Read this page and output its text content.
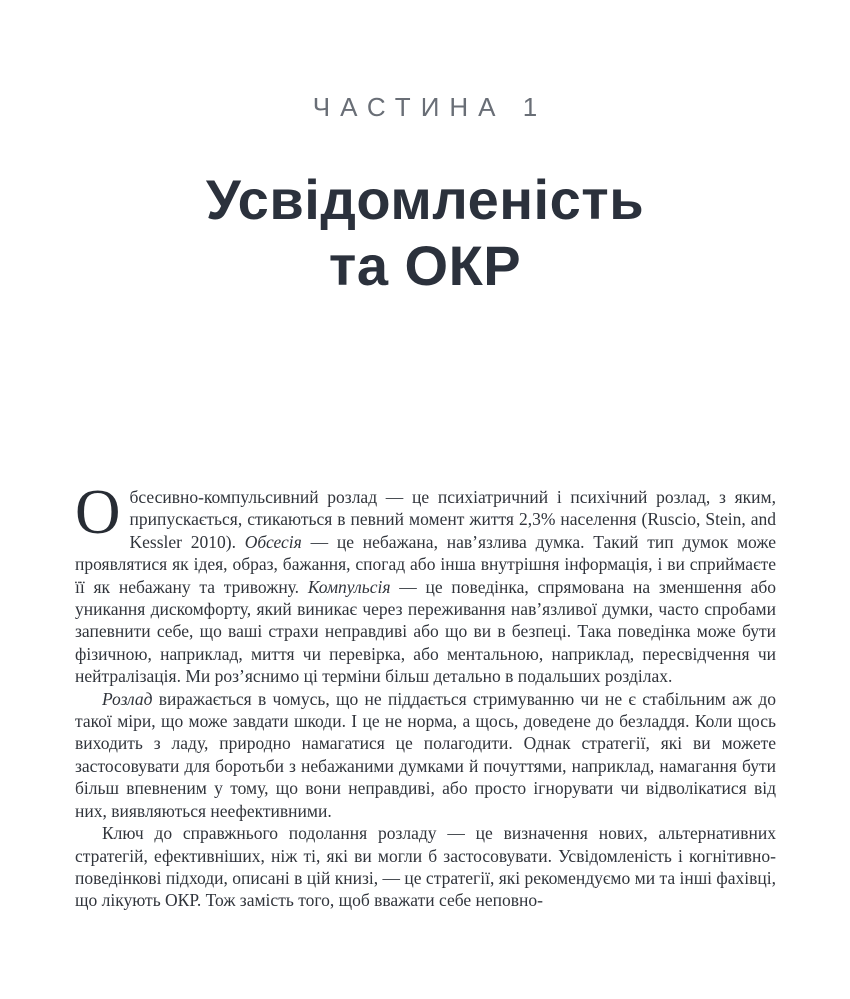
ЧАСТИНА 1
Усвідомленість
та ОКР

Обсесивно-компульсивний розлад — це психіатричний і психічний розлад, з яким, припускається, стикаються в певний момент життя 2,3% населення (Ruscio, Stein, and Kessler 2010). Обсесія — це небажана, нав’язлива думка. Такий тип думок може проявлятися як ідея, образ, бажання, спогад або інша внутрішня інформація, і ви сприймаєте її як небажану та тривожну. Компульсія — це поведінка, спрямована на зменшення або уникання дискомфорту, який виникає через переживання нав’язливої думки, часто спробами запевнити себе, що ваші страхи неправдиві або що ви в безпеці. Така поведінка може бути фізичною, наприклад, миття чи перевірка, або ментальною, наприклад, пересвідчення чи нейтралізація. Ми роз’яснимо ці терміни більш детально в подальших розділах.

Розлад виражається в чомусь, що не піддається стримуванню чи не є стабільним аж до такої міри, що може завдати шкоди. І це не норма, а щось, доведене до безладдя. Коли щось виходить з ладу, природно намагатися це полагодити. Однак стратегії, які ви можете застосовувати для боротьби з небажаними думками й почуттями, наприклад, намагання бути більш впевненим у тому, що вони неправдиві, або просто ігнорувати чи відволікатися від них, виявляються неефективними.

Ключ до справжнього подолання розладу — це визначення нових, альтернативних стратегій, ефективніших, ніж ті, які ви могли б застосовувати. Усвідомленість і когнітивно-поведінкові підходи, описані в цій книзі, — це стратегії, які рекомендуємо ми та інші фахівці, що лікують ОКР. Тож замість того, щоб вважати себе неповно-
